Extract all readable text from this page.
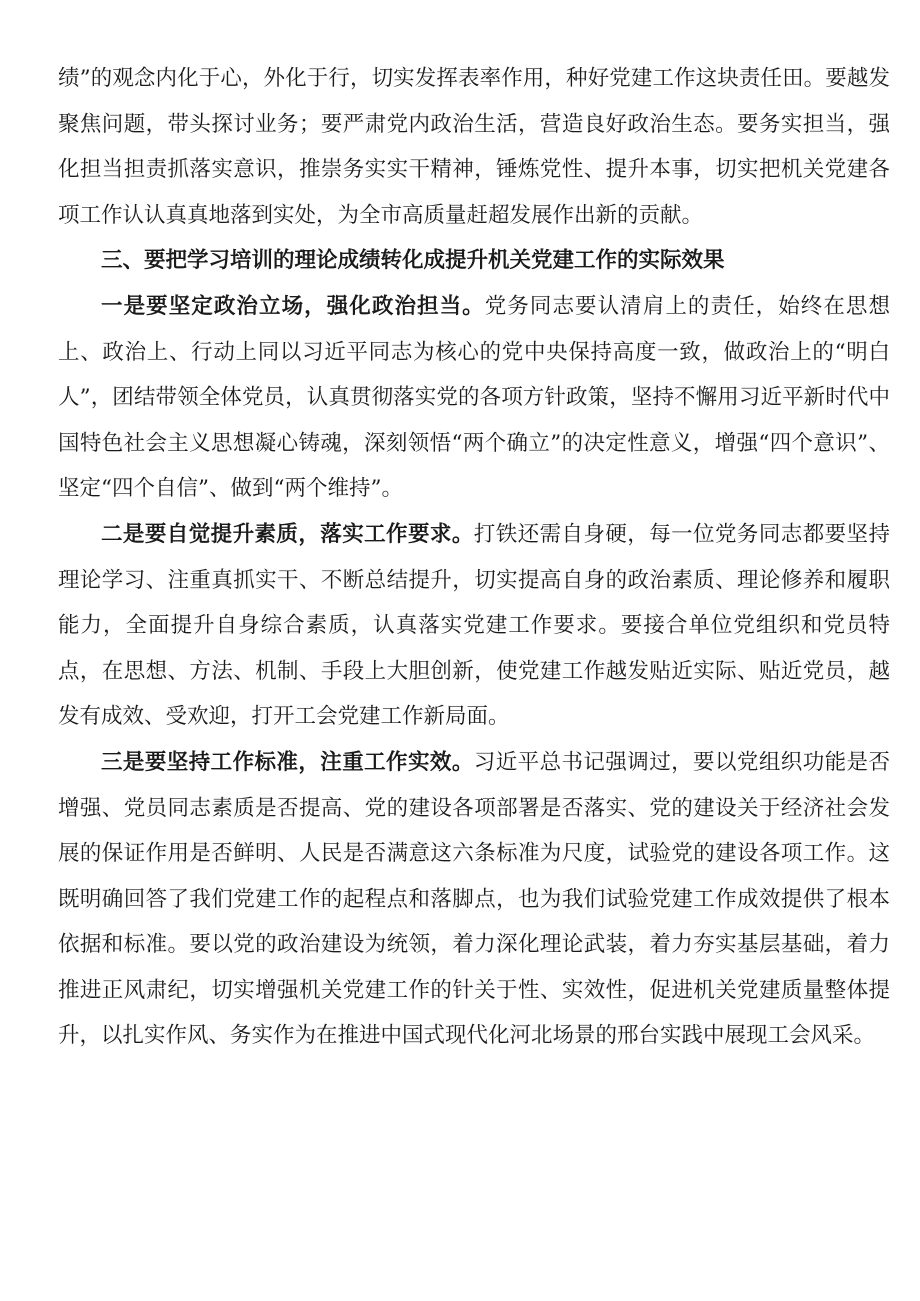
绩”的观念内化于心，外化于行，切实发挥表率作用，种好党建工作这块责任田。要越发聚焦问题，带头探讨业务；要严肃党内政治生活，营造良好政治生态。要务实担当，强化担当担责抓落实意识，推崇务实实干精神，锤炼党性、提升本事，切实把机关党建各项工作认认真真地落到实处，为全市高质量赶超发展作出新的贡献。

三、要把学习培训的理论成绩转化成提升机关党建工作的实际效果

一是要坚定政治立场，强化政治担当。党务同志要认清肩上的责任，始终在思想上、政治上、行动上同以习近平同志为核心的党中央保持高度一致，做政治上的“明白人”，团结带领全体党员，认真贯彻落实党的各项方针政策，坚持不懈用习近平新时代中国特色社会主义思想凝心铸魂，深刻领悟“两个确立”的决定性意义，增强“四个意识”、坚定“四个自信”、做到“两个维持”。

二是要自觉提升素质，落实工作要求。打铁还需自身硬，每一位党务同志都要坚持理论学习、注重真抓实干、不断总结提升，切实提高自身的政治素质、理论修养和履职能力，全面提升自身综合素质，认真落实党建工作要求。要接合单位党组织和党员特点，在思想、方法、机制、手段上大胆创新，使党建工作越发贴近实际、贴近党员，越发有成效、受欢迎，打开工会党建工作新局面。

三是要坚持工作标准，注重工作实效。习近平总书记强调过，要以党组织功能是否增强、党员同志素质是否提高、党的建设各项部署是否落实、党的建设关于经济社会发展的保证作用是否鲜明、人民是否满意这六条标准为尺度，试验党的建设各项工作。这既明确回答了我们党建工作的起程点和落脚点，也为我们试验党建工作成效提供了根本依据和标准。要以党的政治建设为统领，着力深化理论武装，着力夯实基层基础，着力推进正风肃纪，切实增强机关党建工作的针关于性、实效性，促进机关党建质量整体提升，以扎实作风、务实作为在推进中国式现代化河北场景的邢台实践中展现工会风采。
